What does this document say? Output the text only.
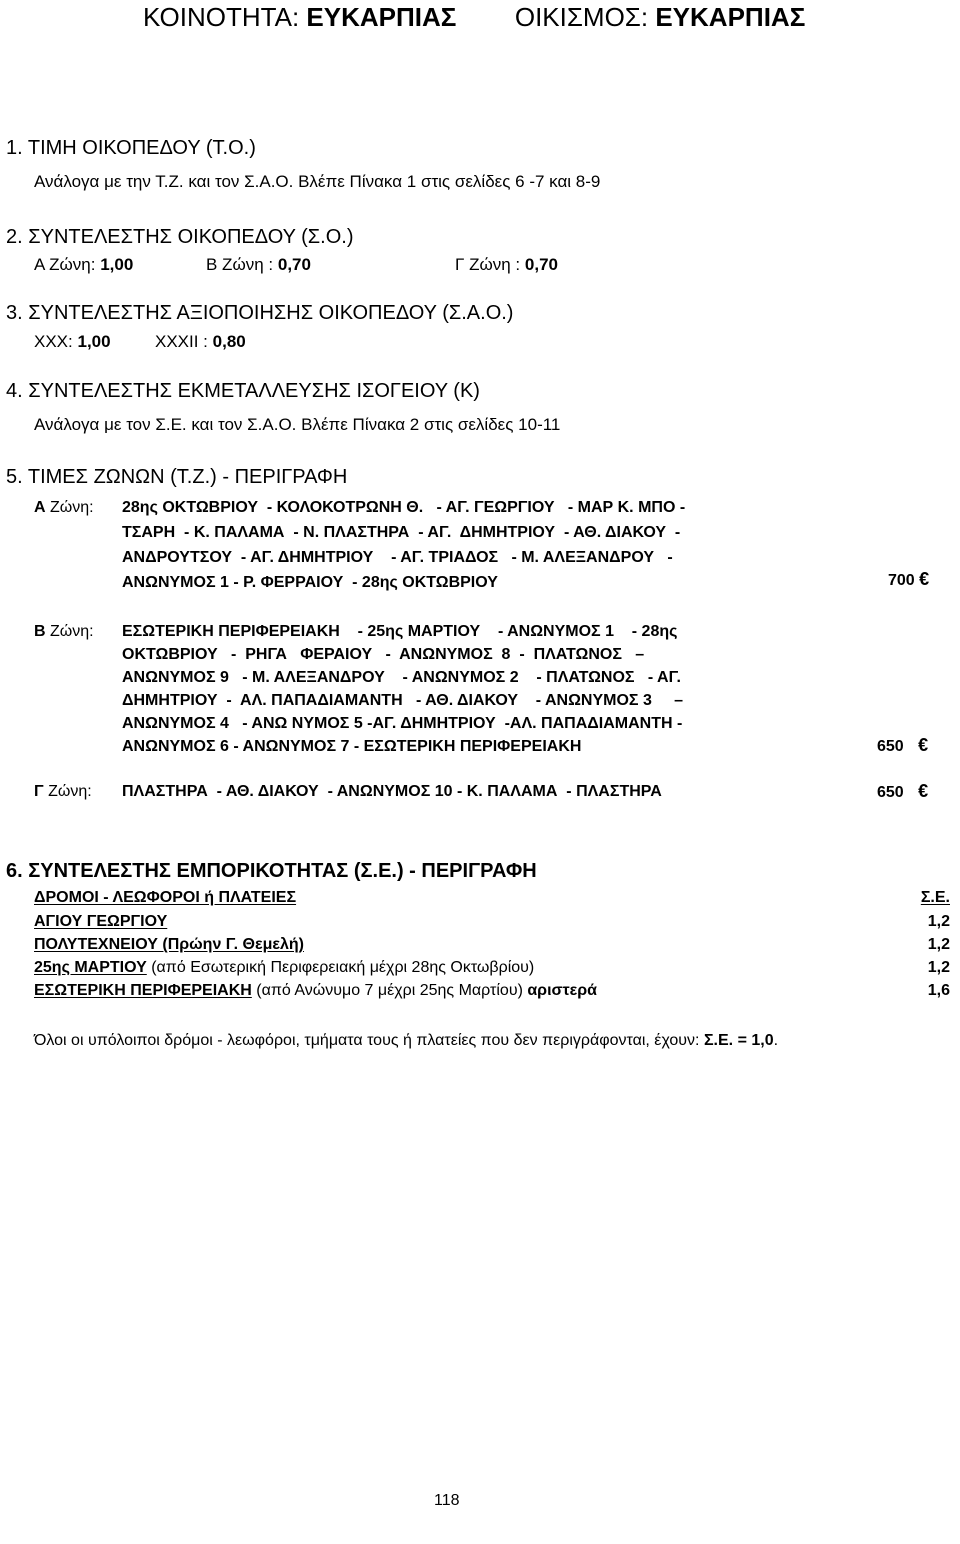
ΚΟΙΝΟΤΗΤΑ: ΕΥΚΑΡΠΙΑΣ ΟΙΚΙΣΜΟΣ: ΕΥΚΑΡΠΙΑΣ
1. ΤΙΜΗ ΟΙΚΟΠΕΔΟΥ (Τ.Ο.)
Ανάλογα με την Τ.Ζ. και τον Σ.Α.Ο. Βλέπε Πίνακα 1 στις σελίδες 6 -7 και 8-9
2. ΣΥΝΤΕΛΕΣΤΗΣ ΟΙΚΟΠΕΔΟΥ (Σ.Ο.)
Α Ζώνη: 1,00	Β Ζώνη : 0,70	Γ Ζώνη : 0,70
3. ΣΥΝΤΕΛΕΣΤΗΣ ΑΞΙΟΠΟΙΗΣΗΣ ΟΙΚΟΠΕΔΟΥ (Σ.Α.Ο.)
ΧΧΧ: 1,00	ΧΧΧΙΙ : 0,80
4. ΣΥΝΤΕΛΕΣΤΗΣ ΕΚΜΕΤΑΛΛΕΥΣΗΣ ΙΣΟΓΕΙΟΥ (Κ)
Ανάλογα με τον Σ.Ε. και τον Σ.Α.Ο. Βλέπε Πίνακα 2 στις σελίδες 10-11
5. ΤΙΜΕΣ ΖΩΝΩΝ (Τ.Ζ.) - ΠΕΡΙΓΡΑΦΗ
Α Ζώνη: 28ης ΟΚΤΩΒΡΙΟΥ  - ΚΟΛΟΚΟΤΡΩΝΗ Θ.   - ΑΓ. ΓΕΩΡΓΙΟΥ   - ΜΑΡ Κ. ΜΠΟ -
ΤΣΑΡΗ  - Κ. ΠΑΛΑΜΑ  - Ν. ΠΛΑΣΤΗΡΑ  - ΑΓ.  ΔΗΜΗΤΡΙΟΥ  - ΑΘ. ΔΙΑΚΟΥ  -
ΑΝΔΡΟΥΤΣΟΥ  - ΑΓ. ΔΗΜΗΤΡΙΟΥ    - ΑΓ. ΤΡΙΑΔΟΣ   - Μ. ΑΛΕΞΑΝΔΡΟΥ   -
ΑΝΩΝΥΜΟΣ 1 - Ρ. ΦΕΡΡΑΙΟΥ  - 28ης ΟΚΤΩΒΡΙΟΥ	700 €
Β Ζώνη: ΕΣΩΤΕΡΙΚΗ ΠΕΡΙΦΕΡΕΙΑΚΗ    - 25ης ΜΑΡΤΙΟΥ    - ΑΝΩΝΥΜΟΣ 1    - 28ης
ΟΚΤΩΒΡΙΟΥ   -  ΡΗΓΑ   ΦΕΡΑΙΟΥ   -  ΑΝΩΝΥΜΟΣ  8  -  ΠΛΑΤΩΝΟΣ   –
ΑΝΩΝΥΜΟΣ 9   - Μ. ΑΛΕΞΑΝΔΡΟΥ    - ΑΝΩΝΥΜΟΣ 2    - ΠΛΑΤΩΝΟΣ   - ΑΓ.
ΔΗΜΗΤΡΙΟΥ  -  ΑΛ. ΠΑΠΑΔΙΑΜΑΝΤΗ   - ΑΘ. ΔΙΑΚΟΥ    - ΑΝΩΝΥΜΟΣ 3     –
ΑΝΩΝΥΜΟΣ 4   - ΑΝΩ ΝΥΜΟΣ 5 -ΑΓ. ΔΗΜΗΤΡΙΟΥ  -ΑΛ. ΠΑΠΑΔΙΑΜΑΝΤΗ -
ΑΝΩΝΥΜΟΣ 6 - ΑΝΩΝΥΜΟΣ 7 - ΕΣΩΤΕΡΙΚΗ ΠΕΡΙΦΕΡΕΙΑΚΗ	650 €
Γ Ζώνη: ΠΛΑΣΤΗΡΑ  - ΑΘ. ΔΙΑΚΟΥ  - ΑΝΩΝΥΜΟΣ 10 - Κ. ΠΑΛΑΜΑ  - ΠΛΑΣΤΗΡΑ	650 €
6. ΣΥΝΤΕΛΕΣΤΗΣ ΕΜΠΟΡΙΚΟΤΗΤΑΣ (Σ.Ε.) - ΠΕΡΙΓΡΑΦΗ
ΔΡΟΜΟΙ - ΛΕΩΦΟΡΟΙ ή ΠΛΑΤΕΙΕΣ	Σ.Ε.
ΑΓΙΟΥ ΓΕΩΡΓΙΟΥ	1,2
ΠΟΛΥΤΕΧΝΕΙΟΥ (Πρώην Γ. Θεμελή)	1,2
25ης ΜΑΡΤΙΟΥ (από Εσωτερική Περιφερειακή μέχρι 28ης Οκτωβρίου)	1,2
ΕΣΩΤΕΡΙΚΗ ΠΕΡΙΦΕΡΕΙΑΚΗ (από Ανώνυμο 7 μέχρι 25ης Μαρτίου) αριστερά	1,6
Όλοι οι υπόλοιποι δρόμοι - λεωφόροι, τμήματα τους ή πλατείες που δεν περιγράφονται, έχουν: Σ.Ε. = 1,0.
118
